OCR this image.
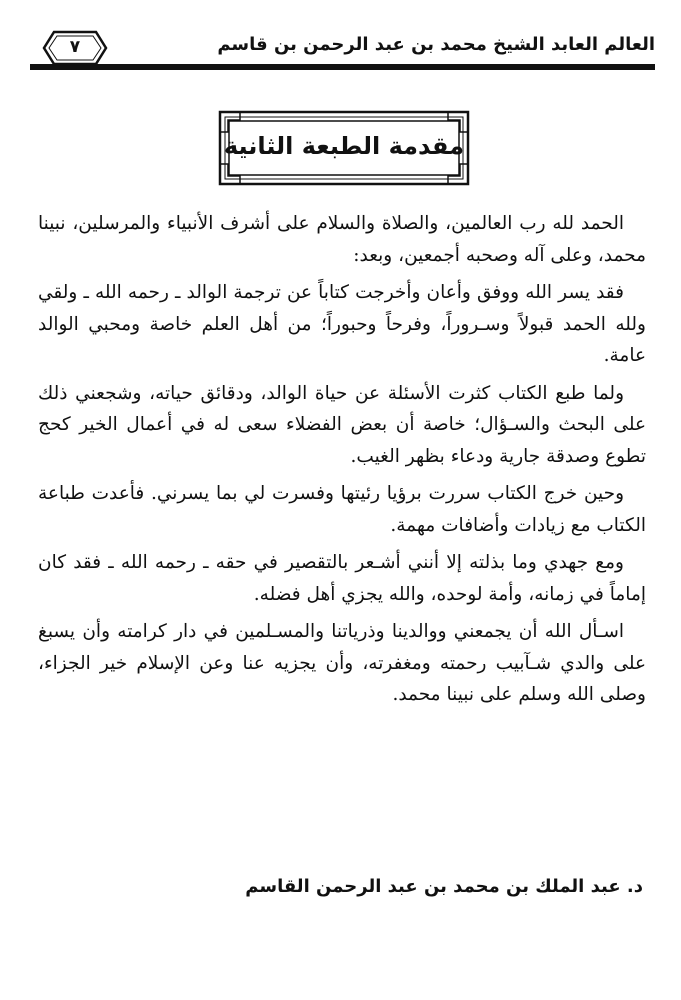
العالم العابد الشيخ محمد بن عبد الرحمن بن قاسم
٧
مقدمة الطبعة الثانية

الحمد لله رب العالمين، والصلاة والسلام على أشرف الأنبياء والمرسلين، نبينا محمد، وعلى آله وصحبه أجمعين، وبعد:

فقد يسر الله ووفق وأعان وأخرجت كتاباً عن ترجمة الوالد ـ رحمه الله ـ ولقي ولله الحمد قبولاً وسـروراً، وفرحاً وحبوراً؛ من أهل العلم خاصة ومحبي الوالد عامة.

ولما طبع الكتاب كثرت الأسئلة عن حياة الوالد، ودقائق حياته، وشجعني ذلك على البحث والسـؤال؛ خاصة أن بعض الفضلاء سعى له في أعمال الخير كحج تطوع وصدقة جارية ودعاء بظهر الغيب.

وحين خرج الكتاب سررت برؤيا رئيتها وفسرت لي بما يسرني. فأعدت طباعة الكتاب مع زيادات وأضافات مهمة.

ومع جهدي وما بذلته إلا أنني أشـعر بالتقصير في حقه ـ رحمه الله ـ فقد كان إماماً في زمانه، وأمة لوحده، والله يجزي أهل فضله.

اسـأل الله أن يجمعني ووالدينا وذرياتنا والمسـلمين في دار كرامته وأن يسبغ على والدي شـآبيب رحمته ومغفرته، وأن يجزيه عنا وعن الإسلام خير الجزاء، وصلى الله وسلم على نبينا محمد.

د. عبد الملك بن محمد بن عبد الرحمن القاسم
